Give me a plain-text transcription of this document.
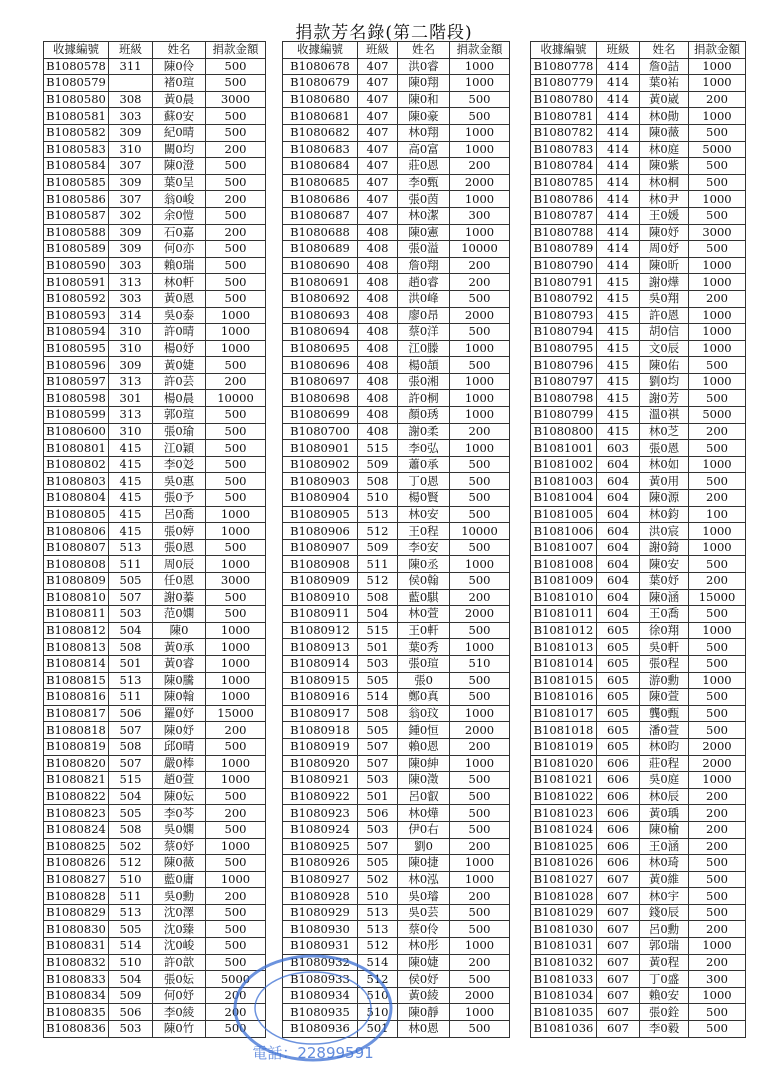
捐款芳名錄(第二階段)
收據編號	班級	姓名	捐款金額
B1080578	311	陳0伶	500
B1080579		褚0瑄	500
B1080580	308	黃0晨	3000
B1080581	303	蘇0安	500
B1080582	309	紀0晴	500
B1080583	310	闕0均	200
B1080584	307	陳0澄	500
B1080585	309	葉0呈	500
B1080586	307	翁0峻	200
B1080587	302	余0愷	500
B1080588	309	石0嘉	200
B1080589	309	何0亦	500
B1080590	303	賴0瑞	500
B1080591	313	林0軒	500
B1080592	303	黃0恩	500
B1080593	314	吳0泰	1000
B1080594	310	許0晴	1000
B1080595	310	楊0妤	1000
B1080596	309	黃0婕	500
B1080597	313	許0芸	200
B1080598	301	楊0晨	10000
B1080599	313	郭0瑄	500
B1080600	310	張0瑜	500
B1080801	415	江0穎	500
B1080802	415	李0彣	500
B1080803	415	吳0惠	500
B1080804	415	張0予	500
B1080805	415	呂0喬	1000
B1080806	415	張0婷	1000
B1080807	513	張0恩	500
B1080808	511	周0辰	1000
B1080809	505	任0恩	3000
B1080810	507	謝0蓁	500
B1080811	503	范0嫻	500
B1080812	504	陳0	1000
B1080813	508	黃0承	1000
B1080814	501	黃0睿	1000
B1080815	513	陳0騰	1000
B1080816	511	陳0翰	1000
B1080817	506	羅0妤	15000
B1080818	507	陳0妤	200
B1080819	508	邱0晴	500
B1080820	507	嚴0棒	1000
B1080821	515	趙0萱	1000
B1080822	504	陳0妘	500
B1080823	505	李0芩	200
B1080824	508	吳0嫻	500
B1080825	502	蔡0妤	1000
B1080826	512	陳0薇	500
B1080827	510	藍0庸	1000
B1080828	511	吳0勳	200
B1080829	513	沈0澤	500
B1080830	505	沈0臻	500
B1080831	514	沈0峻	500
B1080832	510	許0歆	500
B1080833	504	張0妘	5000
B1080834	509	何0妤	200
B1080835	506	李0綾	200
B1080836	503	陳0竹	500
收據編號	班級	姓名	捐款金額
B1080678	407	洪0睿	1000
B1080679	407	陳0翔	1000
B1080680	407	陳0和	500
B1080681	407	陳0豪	500
B1080682	407	林0翔	1000
B1080683	407	高0富	1000
B1080684	407	莊0恩	200
B1080685	407	李0甄	2000
B1080686	407	張0茵	1000
B1080687	407	林0潔	300
B1080688	408	陳0憲	1000
B1080689	408	張0溢	10000
B1080690	408	詹0翔	200
B1080691	408	趙0睿	200
B1080692	408	洪0峰	500
B1080693	408	廖0昂	2000
B1080694	408	蔡0洋	500
B1080695	408	江0滕	1000
B1080696	408	楊0頡	500
B1080697	408	張0湘	1000
B1080698	408	許0桐	1000
B1080699	408	顏0琇	1000
B1080700	408	謝0柔	200
B1080901	515	李0弘	1000
B1080902	509	蕭0承	500
B1080903	508	丁0恩	500
B1080904	510	楊0賢	500
B1080905	513	林0安	500
B1080906	512	王0程	10000
B1080907	509	李0安	500
B1080908	511	陳0丞	1000
B1080909	512	侯0翰	500
B1080910	508	藍0騏	200
B1080911	504	林0萱	2000
B1080912	515	王0軒	500
B1080913	501	葉0秀	1000
B1080914	503	張0瑄	510
B1080915	505	張0	500
B1080916	514	鄭0真	500
B1080917	508	翁0玟	1000
B1080918	505	鍾0恒	2000
B1080919	507	賴0恩	200
B1080920	507	陳0紳	1000
B1080921	503	陳0澂	500
B1080922	501	呂0叡	500
B1080923	506	林0燁	500
B1080924	503	伊0右	500
B1080925	507	劉0	200
B1080926	505	陳0捷	1000
B1080927	502	林0泓	1000
B1080928	510	吳0璿	200
B1080929	513	吳0芸	500
B1080930	513	蔡0伶	500
B1080931	512	林0彤	1000
B1080932	514	陳0婕	200
B1080933	512	侯0妤	500
B1080934	510	黃0綾	2000
B1080935	510	陳0靜	1000
B1080936	501	林0恩	500
收據編號	班級	姓名	捐款金額
B1080778	414	詹0詰	1000
B1080779	414	葉0祐	1000
B1080780	414	黃0崴	200
B1080781	414	林0勛	1000
B1080782	414	陳0薇	500
B1080783	414	林0庭	5000
B1080784	414	陳0紫	500
B1080785	414	林0桐	500
B1080786	414	林0尹	1000
B1080787	414	王0媛	500
B1080788	414	陳0妤	3000
B1080789	414	周0妤	500
B1080790	414	陳0昕	1000
B1080791	415	謝0燁	1000
B1080792	415	吳0翔	200
B1080793	415	許0恩	1000
B1080794	415	胡0信	1000
B1080795	415	文0辰	1000
B1080796	415	陳0佑	500
B1080797	415	劉0均	1000
B1080798	415	謝0芳	500
B1080799	415	溫0祺	5000
B1080800	415	林0芝	200
B1081001	603	張0恩	500
B1081002	604	林0如	1000
B1081003	604	黃0用	500
B1081004	604	陳0源	200
B1081005	604	林0鈞	100
B1081006	604	洪0宸	1000
B1081007	604	謝0錡	1000
B1081008	604	陳0安	500
B1081009	604	葉0妤	200
B1081010	604	陳0涵	15000
B1081011	604	王0喬	500
B1081012	605	徐0翔	1000
B1081013	605	吳0軒	500
B1081014	605	張0程	500
B1081015	605	游0勳	1000
B1081016	605	陳0萱	500
B1081017	605	龔0甄	500
B1081018	605	潘0萱	500
B1081019	605	林0昀	2000
B1081020	606	莊0程	2000
B1081021	606	吳0庭	1000
B1081022	606	林0辰	200
B1081023	606	黃0瑀	200
B1081024	606	陳0榆	200
B1081025	606	王0涵	200
B1081026	606	林0琦	500
B1081027	607	黃0維	500
B1081028	607	林0宇	500
B1081029	607	錢0辰	500
B1081030	607	呂0勳	200
B1081031	607	郭0瑞	1000
B1081032	607	黃0程	200
B1081033	607	丁0盛	300
B1081034	607	賴0安	1000
B1081035	607	張0銓	500
B1081036	607	李0毅	500
電話：22899591
